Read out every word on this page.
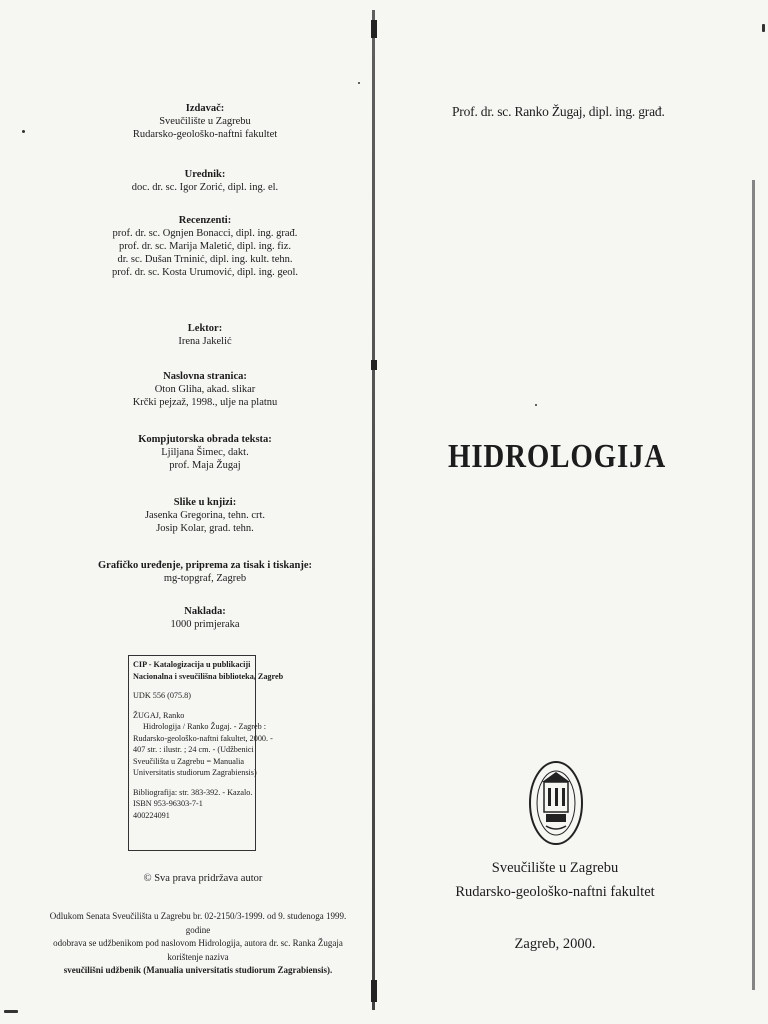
Izdavač:
Sveučilište u Zagrebu
Rudarsko-geološko-naftni fakultet
Urednik:
doc. dr. sc. Igor Zorić, dipl. ing. el.
Recenzenti:
prof. dr. sc. Ognjen Bonacci, dipl. ing. građ.
prof. dr. sc. Marija Maletić, dipl. ing. fiz.
dr. sc. Dušan Trninić, dipl. ing. kult. tehn.
prof. dr. sc. Kosta Urumović, dipl. ing. geol.
Lektor:
Irena Jakelić
Naslovna stranica:
Oton Gliha, akad. slikar
Krčki pejzaž, 1998., ulje na platnu
Kompjutorska obrada teksta:
Ljiljana Šimec, dakt.
prof. Maja Žugaj
Slike u knjizi:
Jasenka Gregorina, tehn. crt.
Josip Kolar, grad. tehn.
Grafičko uređenje, priprema za tisak i tiskanje:
mg-topgraf, Zagreb
Naklada:
1000 primjeraka
CIP - Katalogizacija u publikaciji
Nacionalna i sveučilišna biblioteka, Zagreb
UDK 556 (075.8)
ŽUGAJ, Ranko
Hidrologija / Ranko Žugaj. - Zagreb :
Rudarsko-geološko-naftni fakultet, 2000. -
407 str. : ilustr. ; 24 cm. - (Udžbenici
Sveučilišta u Zagrebu = Manualia
Universitatis studiorum Zagrabiensis)
Bibliografija: str. 383-392. - Kazalo.
ISBN 953-96303-7-1
400224091
© Sva prava pridržava autor
Odlukom Senata Sveučilišta u Zagrebu br. 02-2150/3-1999. od 9. studenoga 1999. godine
odobrava se udžbenikom pod naslovom Hidrologija, autora dr. sc. Ranka Žugaja korištenje naziva
sveučilišni udžbenik (Manualia universitatis studiorum Zagrabiensis).
Prof. dr. sc. Ranko Žugaj, dipl. ing. građ.
HIDROLOGIJA
Sveučilište u Zagrebu
Rudarsko-geološko-naftni fakultet
Zagreb, 2000.
